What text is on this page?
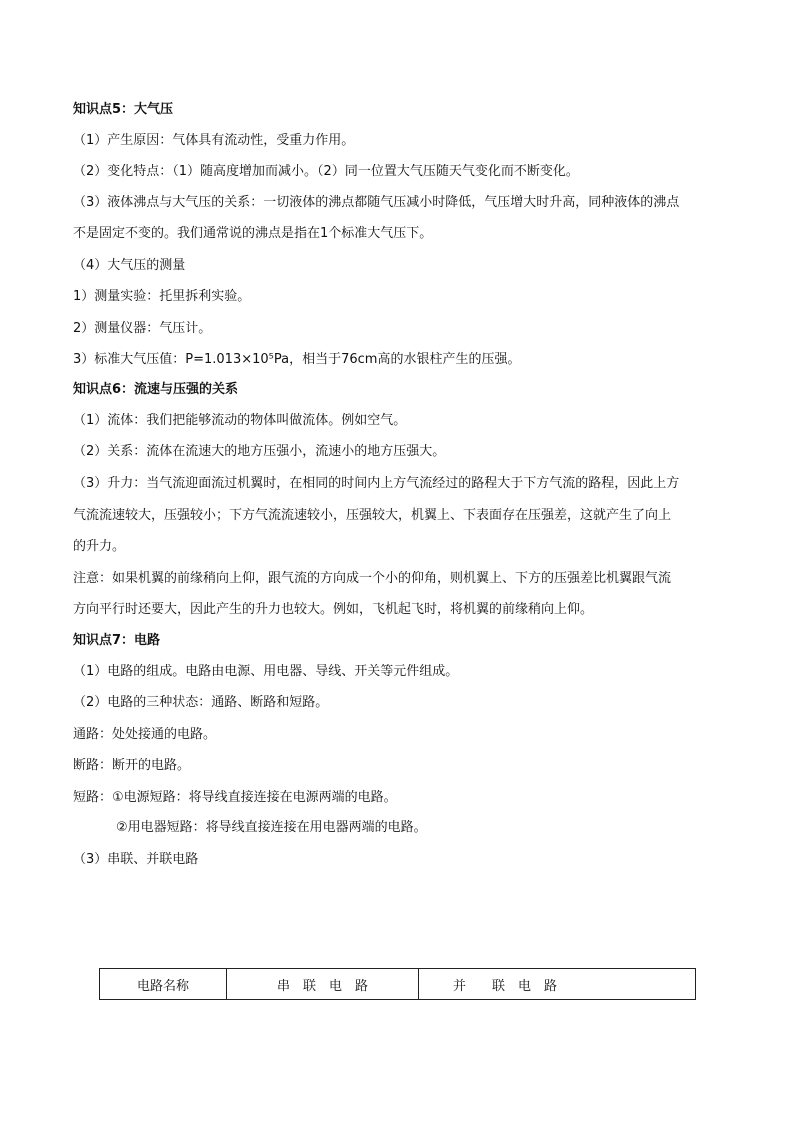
知识点5：大气压
（1）产生原因：气体具有流动性，受重力作用。
（2）变化特点：（1）随高度增加而减小。（2）同一位置大气压随天气变化而不断变化。
（3）液体沸点与大气压的关系：一切液体的沸点都随气压减小时降低，气压增大时升高，同种液体的沸点
不是固定不变的。我们通常说的沸点是指在1个标准大气压下。
（4）大气压的测量
1）测量实验：托里拆利实验。
2）测量仪器：气压计。
3）标准大气压值：P=1.013×10⁵Pa，相当于76cm高的水银柱产生的压强。
知识点6：流速与压强的关系
（1）流体：我们把能够流动的物体叫做流体。例如空气。
（2）关系：流体在流速大的地方压强小，流速小的地方压强大。
（3）升力：当气流迎面流过机翼时，在相同的时间内上方气流经过的路程大于下方气流的路程，因此上方
气流流速较大，压强较小；下方气流流速较小，压强较大，机翼上、下表面存在压强差，这就产生了向上
的升力。
注意：如果机翼的前缘稍向上仰，跟气流的方向成一个小的仰角，则机翼上、下方的压强差比机翼跟气流
方向平行时还要大，因此产生的升力也较大。例如，飞机起飞时，将机翼的前缘稍向上仰。
知识点7：电路
（1）电路的组成。电路由电源、用电器、导线、开关等元件组成。
（2）电路的三种状态：通路、断路和短路。
通路：处处接通的电路。
断路：断开的电路。
短路：①电源短路：将导线直接连接在电源两端的电路。
②用电器短路：将导线直接连接在用电器两端的电路。
（3）串联、并联电路
电路名称	串　联　电　路	并　　联　电　路
